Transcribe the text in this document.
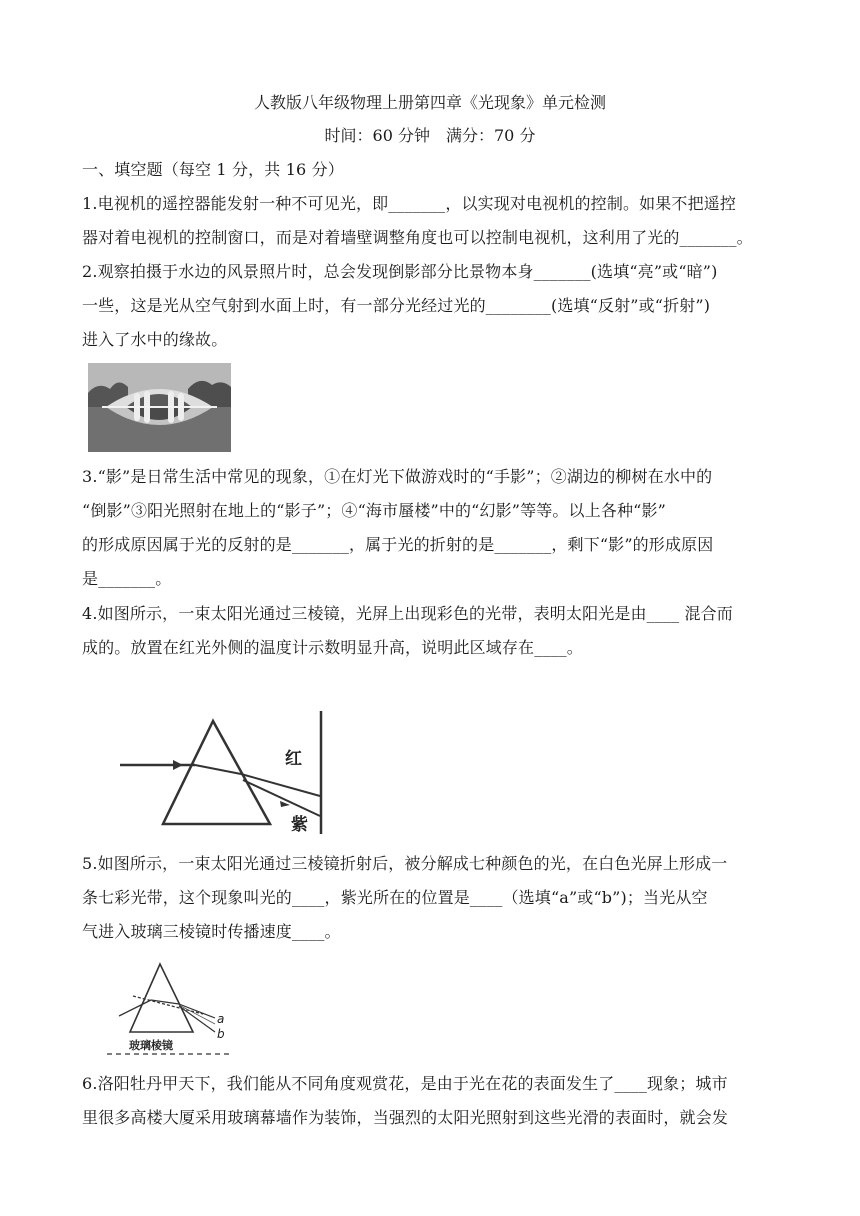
人教版八年级物理上册第四章《光现象》单元检测
时间：60 分钟　满分：70 分
一、填空题（每空 1 分，共 16 分）
1.电视机的遥控器能发射一种不可见光，即_______，以实现对电视机的控制。如果不把遥控
器对着电视机的控制窗口，而是对着墙壁调整角度也可以控制电视机，这利用了光的_______。
2.观察拍摄于水边的风景照片时，总会发现倒影部分比景物本身_______(选填“亮”或“暗”)
一些，这是光从空气射到水面上时，有一部分光经过光的________(选填“反射”或“折射”)
进入了水中的缘故。
3.“影”是日常生活中常见的现象，①在灯光下做游戏时的“手影”；②湖边的柳树在水中的
“倒影”③阳光照射在地上的“影子”；④“海市蜃楼”中的“幻影”等等。以上各种“影”
的形成原因属于光的反射的是_______，属于光的折射的是_______，剩下“影”的形成原因
是_______。
4.如图所示，一束太阳光通过三棱镜，光屏上出现彩色的光带，表明太阳光是由____ 混合而
成的。放置在红光外侧的温度计示数明显升高，说明此区域存在____。
红
紫
5.如图所示，一束太阳光通过三棱镜折射后，被分解成七种颜色的光，在白色光屏上形成一
条七彩光带，这个现象叫光的____，紫光所在的位置是____（选填“a”或“b”)；当光从空
气进入玻璃三棱镜时传播速度____。
a
b
玻璃棱镜
6.洛阳牡丹甲天下，我们能从不同角度观赏花，是由于光在花的表面发生了____现象；城市
里很多高楼大厦采用玻璃幕墙作为装饰，当强烈的太阳光照射到这些光滑的表面时，就会发
